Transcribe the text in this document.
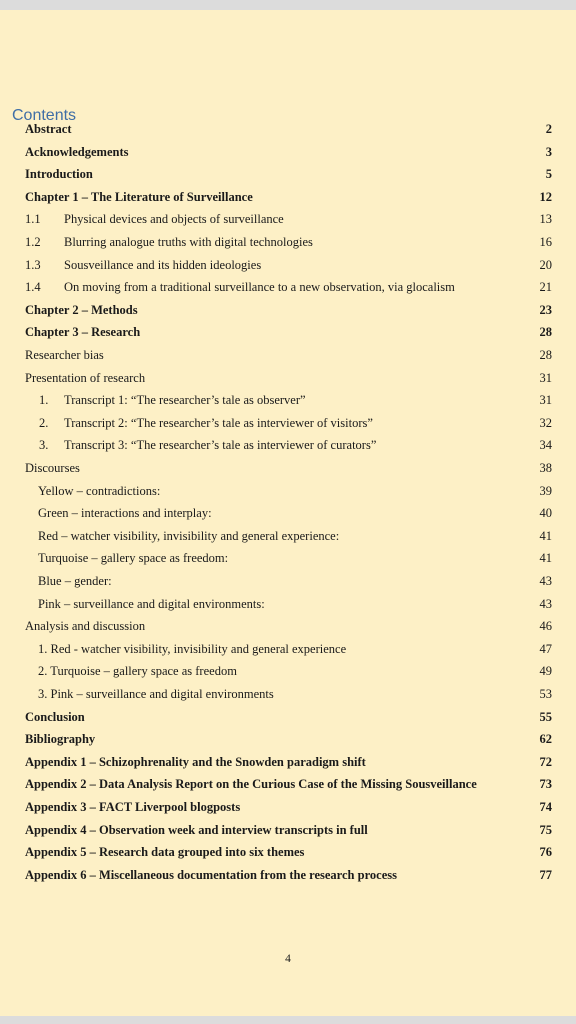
Contents
Abstract	2
Acknowledgements	3
Introduction	5
Chapter 1 – The Literature of Surveillance	12
1.1 Physical devices and objects of surveillance	13
1.2 Blurring analogue truths with digital technologies	16
1.3 Sousveillance and its hidden ideologies	20
1.4 On moving from a traditional surveillance to a new observation, via glocalism	21
Chapter 2 – Methods	23
Chapter 3 – Research	28
Researcher bias	28
Presentation of research	31
1. Transcript 1: “The researcher’s tale as observer”	31
2. Transcript 2: “The researcher’s tale as interviewer of visitors”	32
3. Transcript 3: “The researcher’s tale as interviewer of curators”	34
Discourses	38
Yellow – contradictions:	39
Green – interactions and interplay:	40
Red – watcher visibility, invisibility and general experience:	41
Turquoise – gallery space as freedom:	41
Blue – gender:	43
Pink – surveillance and digital environments:	43
Analysis and discussion	46
1. Red - watcher visibility, invisibility and general experience	47
2. Turquoise – gallery space as freedom	49
3. Pink – surveillance and digital environments	53
Conclusion	55
Bibliography	62
Appendix 1 – Schizophrenality and the Snowden paradigm shift	72
Appendix 2 – Data Analysis Report on the Curious Case of the Missing Sousveillance	73
Appendix 3 – FACT Liverpool blogposts	74
Appendix 4 – Observation week and interview transcripts in full	75
Appendix 5 – Research data grouped into six themes	76
Appendix 6 – Miscellaneous documentation from the research process	77
4
